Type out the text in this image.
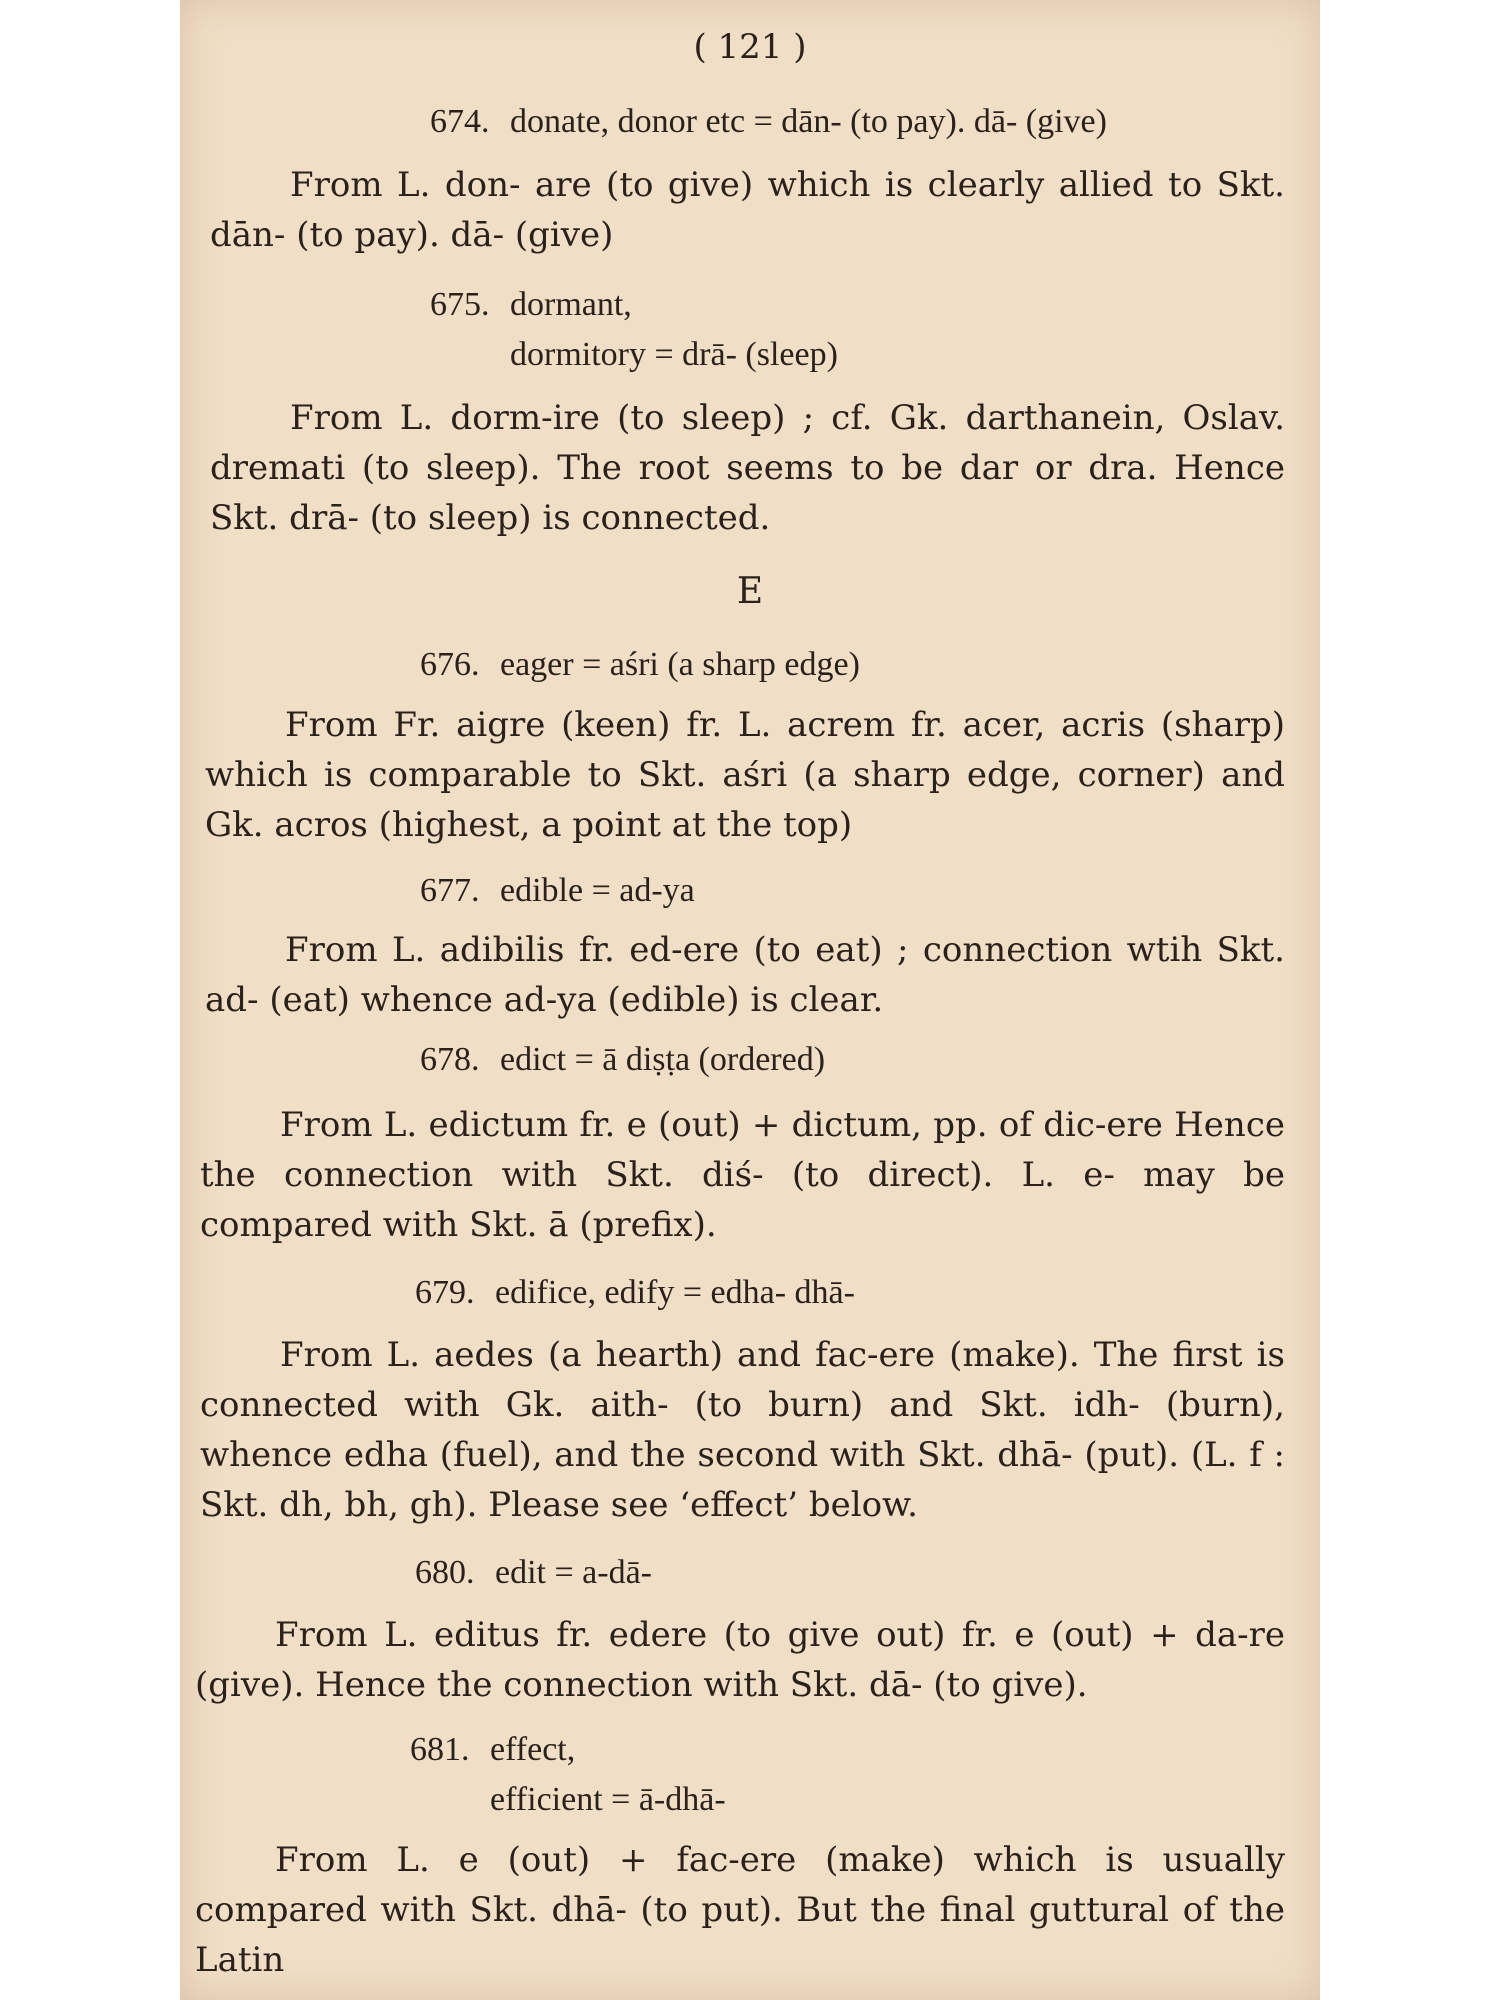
( 121 )
674. donate, donor etc = dān- (to pay). dā- (give)
From L. don- are (to give) which is clearly allied to Skt. dān- (to pay). dā- (give)
675. dormant,
dormitory = drā- (sleep)
From L. dorm-ire (to sleep) ; cf. Gk. darthanein, Oslav. dremati (to sleep). The root seems to be dar or dra. Hence Skt. drā- (to sleep) is connected.
E
676. eager = aśri (a sharp edge)
From Fr. aigre (keen) fr. L. acrem fr. acer, acris (sharp) which is comparable to Skt. aśri (a sharp edge, corner) and Gk. acros (highest, a point at the top)
677. edible = ad-ya
From L. adibilis fr. ed-ere (to eat) ; connection wtih Skt. ad- (eat) whence ad-ya (edible) is clear.
678. edict = ā diṣṭa (ordered)
From L. edictum fr. e (out) + dictum, pp. of dic-ere Hence the connection with Skt. diś- (to direct). L. e- may be compared with Skt. ā (prefix).
679. edifice, edify = edha- dhā-
From L. aedes (a hearth) and fac-ere (make). The first is connected with Gk. aith- (to burn) and Skt. idh- (burn), whence edha (fuel), and the second with Skt. dhā- (put). (L. f : Skt. dh, bh, gh). Please see ‘effect’ below.
680. edit = a-dā-
From L. editus fr. edere (to give out) fr. e (out) + da-re (give). Hence the connection with Skt. dā- (to give).
681. effect,
efficient = ā-dhā-
From L. e (out) + fac-ere (make) which is usually compared with Skt. dhā- (to put). But the final guttural of the Latin
